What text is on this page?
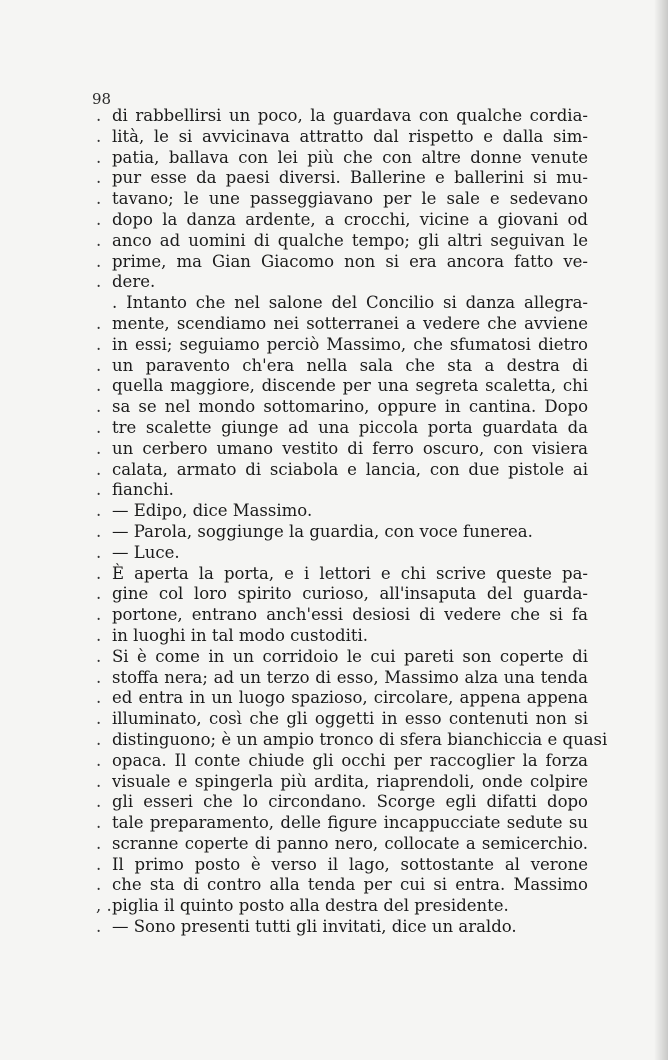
98

. di rabbellirsi un poco, la guardava con qualche cordia-
. lità, le si avvicinava attratto dal rispetto e dalla sim-
. patia, ballava con lei più che con altre donne venute
. pur esse da paesi diversi. Ballerine e ballerini si mu-
. tavano; le une passeggiavano per le sale e sedevano
. dopo la danza ardente, a crocchi, vicine a giovani od
. anco ad uomini di qualche tempo; gli altri seguivan le
. prime, ma Gian Giacomo non si era ancora fatto ve-
. dere.
. Intanto che nel salone del Concilio si danza allegra-
. mente, scendiamo nei sotterranei a vedere che avviene
. in essi; seguiamo perciò Massimo, che sfumatosi dietro
. un paravento ch'era nella sala che sta a destra di
. quella maggiore, discende per una segreta scaletta, chi
. sa se nel mondo sottomarino, oppure in cantina. Dopo
. tre scalette giunge ad una piccola porta guardata da
. un cerbero umano vestito di ferro oscuro, con visiera
. calata, armato di sciabola e lancia, con due pistole ai
. fianchi.
. — Edipo, dice Massimo.
. — Parola, soggiunge la guardia, con voce funerea.
. — Luce.
. È aperta la porta, e i lettori e chi scrive queste pa-
. gine col loro spirito curioso, all'insaputa del guarda-
. portone, entrano anch'essi desiosi di vedere che si fa
. in luoghi in tal modo custoditi.
. Si è come in un corridoio le cui pareti son coperte di
. stoffa nera; ad un terzo di esso, Massimo alza una tenda
. ed entra in un luogo spazioso, circolare, appena appena
. illuminato, così che gli oggetti in esso contenuti non si
. distinguono; è un ampio tronco di sfera bianchiccia e quasi
. opaca. Il conte chiude gli occhi per raccoglier la forza
. visuale e spingerla più ardita, riaprendoli, onde colpire
. gli esseri che lo circondano. Scorge egli difatti dopo
. tale preparamento, delle figure incappucciate sedute su
. scranne coperte di panno nero, collocate a semicerchio.
. Il primo posto è verso il lago, sottostante al verone
. che sta di contro alla tenda per cui si entra. Massimo
, . piglia il quinto posto alla destra del presidente.
. — Sono presenti tutti gli invitati, dice un araldo.
